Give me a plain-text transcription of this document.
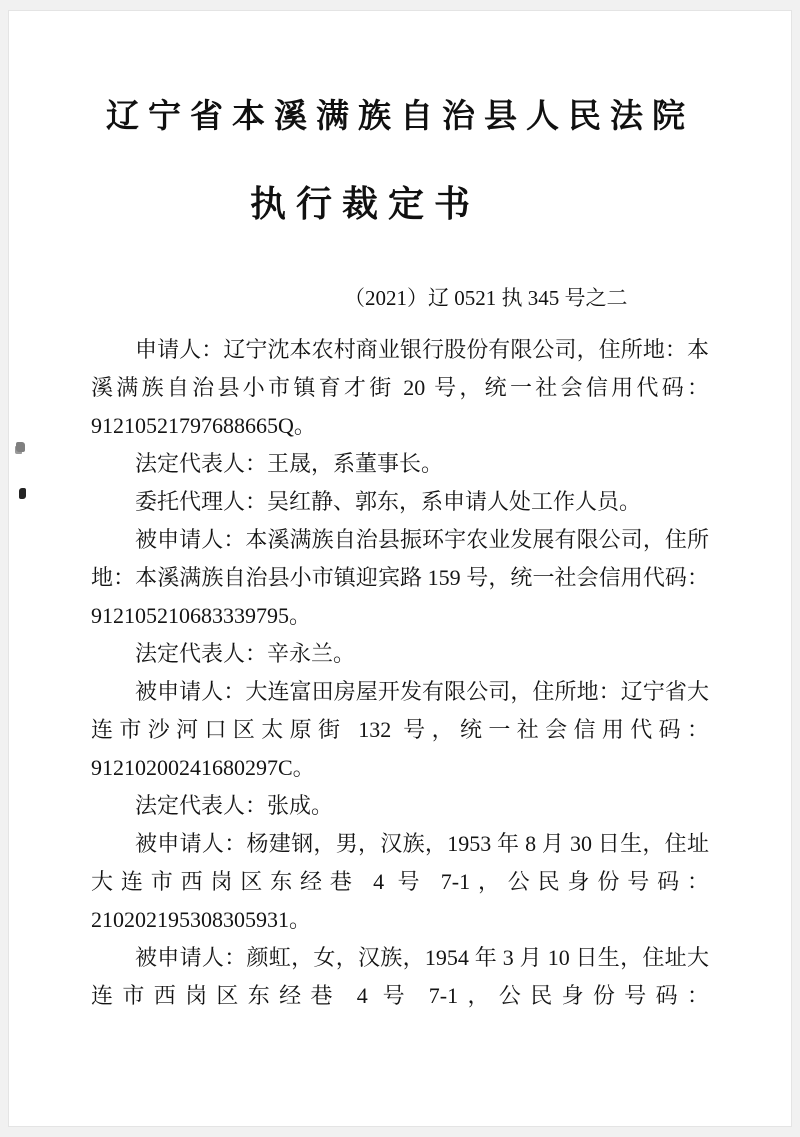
辽宁省本溪满族自治县人民法院
执行裁定书
（2021）辽 0521 执 345 号之二

申请人：辽宁沈本农村商业银行股份有限公司，住所地：本溪满族自治县小市镇育才街 20 号，统一社会信用代码：91210521797688665Q。

法定代表人：王晟，系董事长。

委托代理人：吴红静、郭东，系申请人处工作人员。

被申请人：本溪满族自治县振环宇农业发展有限公司，住所地：本溪满族自治县小市镇迎宾路 159 号，统一社会信用代码：912105210683339795。

法定代表人：辛永兰。

被申请人：大连富田房屋开发有限公司，住所地：辽宁省大连市沙河口区太原街 132 号，统一社会信用代码：91210200241680297C。

法定代表人：张成。

被申请人：杨建钢，男，汉族，1953 年 8 月 30 日生，住址大连市西岗区东经巷 4 号 7-1，公民身份号码：210202195308305931。

被申请人：颜虹，女，汉族，1954 年 3 月 10 日生，住址大连市西岗区东经巷 4 号 7-1，公民身份号码：
